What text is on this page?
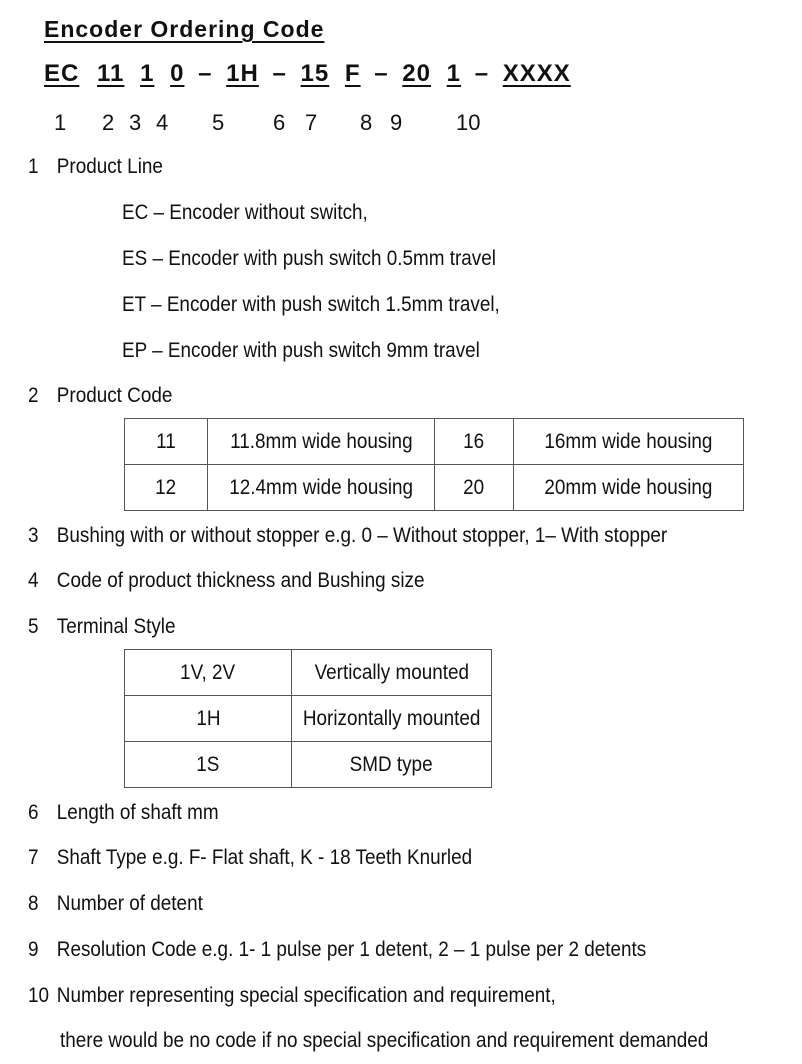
Encoder Ordering Code
EC 11 1 0 – 1H – 15 F – 20 1 – XXXX
1 2 3 4 5 6 7 8 9 10
1 Product Line
EC – Encoder without switch,
ES – Encoder with push switch 0.5mm travel
ET – Encoder with push switch 1.5mm travel,
EP – Encoder with push switch 9mm travel
2 Product Code
11	11.8mm wide housing	16	16mm wide housing
12	12.4mm wide housing	20	20mm wide housing
3 Bushing with or without stopper e.g. 0 – Without stopper, 1– With stopper
4 Code of product thickness and Bushing size
5 Terminal Style
1V, 2V	Vertically mounted
1H	Horizontally mounted
1S	SMD type
6 Length of shaft mm
7 Shaft Type e.g. F- Flat shaft, K - 18 Teeth Knurled
8 Number of detent
9 Resolution Code e.g. 1- 1 pulse per 1 detent, 2 – 1 pulse per 2 detents
10 Number representing special specification and requirement,
there would be no code if no special specification and requirement demanded
